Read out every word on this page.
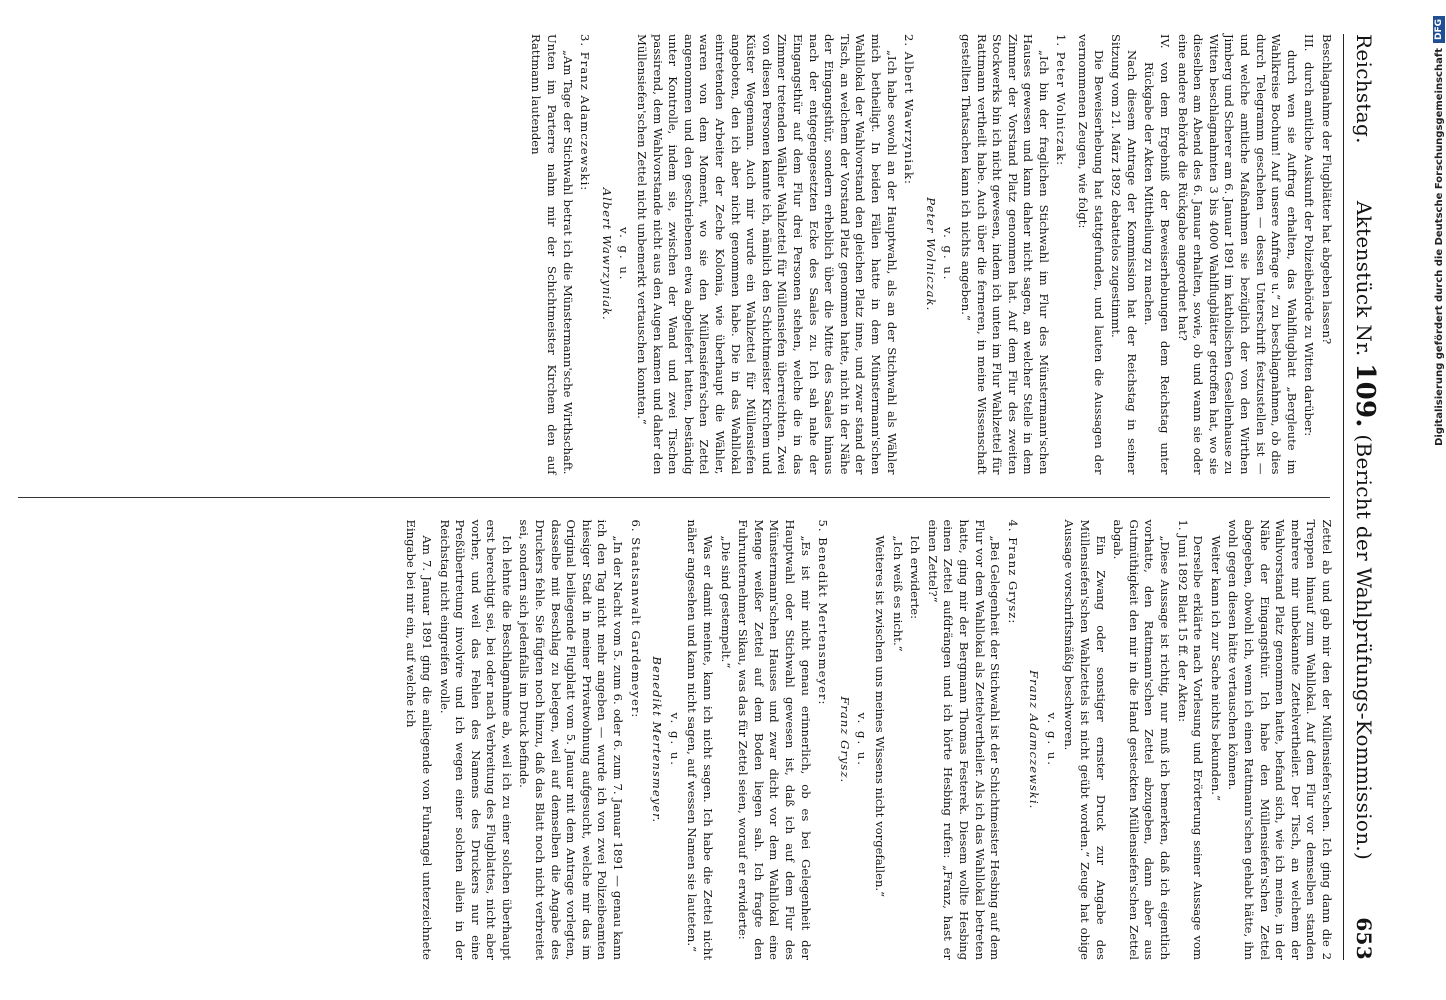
Reichstag.
Aktenstück Nr. 109. (Bericht der Wahlprüfungs-Kommission.)
653

Beschlagnahme der Flugblätter hat abgeben lassen?

III.
durch amtliche Auskunft der Polizeibehörde zu Witten darüber:

durch wen sie Auftrag erhalten, das Wahlflugblatt „Bergleute im Wahlkreise Bochum! Auf unsere Anfrage u.“ zu beschlagnahmen, ob dies durch Telegramm geschehen — dessen Unterschrift festzustellen ist — und welche amtliche Maßnahmen sie bezüglich der von den Wirthen Jimberg und Scherer am 6. Januar 1891 im katholischen Gesellenhause zu Witten beschlagnahmten 3 bis 4000 Wahlflugblätter getroffen hat, wo sie dieselben am Abend des 6. Januar erhalten, sowie, ob und wann sie oder eine andere Behörde die Rückgabe angeordnet hat?

IV.
von dem Ergebniß der Beweiserhebungen dem Reichstag unter Rückgabe der Akten Mittheilung zu machen.

Nach diesem Antrage der Kommission hat der Reichstag in seiner Sitzung vom 21. März 1892 debattelos zugestimmt.

Die Beweiserhebung hat stattgefunden, und lauten die Aussagen der vernommenen Zeugen, wie folgt:

1. Peter Wolniczak:

„Ich bin der fraglichen Stichwahl im Flur des Münstermann'schen Hauses gewesen und kann daher nicht sagen, an welcher Stelle in dem Zimmer der Vorstand Platz genommen hat. Auf dem Flur des zweiten Stockwerks bin ich nicht gewesen, indem ich unten im Flur Wahlzettel für Rattmann vertheilt habe. Auch über die ferneren, in meine Wissenschaft gestellten Thatsachen kann ich nichts angeben.“

v. g. u.

Peter Wolniczak.

2. Albert Wawrzyniak:

„Ich habe sowohl an der Hauptwahl, als an der Stichwahl als Wähler mich betheiligt. In beiden Fällen hatte in dem Münstermann'schen Wahllokal der Wahlvorstand den gleichen Platz inne, und zwar stand der Tisch, an welchem der Vorstand Platz genommen hatte, nicht in der Nähe der Eingangsthür, sondern erheblich über die Mitte des Saales hinaus nach der entgegengesetzten Ecke des Saales zu. Ich sah nahe der Eingangsthür auf dem Flur drei Personen stehen, welche die in das Zimmer tretenden Wähler Wahlzettel für Müllensiefen überreichten. Zwei von diesen Personen kannte ich, nämlich den Schichtmeister Kirchem und Küster Wegemann. Auch mir wurde ein Wahlzettel für Müllensiefen angeboten, den ich aber nicht genommen habe. Die in das Wahllokal eintretenden Arbeiter der Zeche Kolonia, wie überhaupt die Wähler, waren von dem Moment, wo sie den Müllensiefen'schen Zettel angenommen und den geschriebenen etwa abgeliefert hatten, beständig unter Kontrolle, indem sie, zwischen der Wand und zwei Tischen passirend, dem Wahlvorstande nicht aus den Augen kamen und daher den Müllensiefen'schen Zettel nicht unbemerkt vertauschen konnten.“

v. g. u.

Albert Wawrzyniak.

3. Franz Adamczewski:

„Am Tage der Stichwahl betrat ich die Münstermann'sche Wirthschaft. Unten im Parterre nahm mir der Schichtmeister Kirchem den auf Rattmann lautenden

Zettel ab und gab mir den der Müllensiefen'schen. Ich ging dann die 2 Treppen hinauf zum Wahllokal. Auf dem Flur vor demselben standen mehrere mir unbekannte Zettelvertheiler. Der Tisch, an welchem der Wahlvorstand Platz genommen hatte, befand sich, wie ich meine, in der Nähe der Eingangsthür. Ich habe den Müllensiefen'schen Zettel abgegeben, obwohl ich, wenn ich einen Rattmann'schen gehabt hätte, ihn wohl gegen diesen hätte vertauschen können.

Weiter kann ich zur Sache nichts bekunden.“

Derselbe erklärte nach Vorlesung und Erörterung seiner Aussage vom 1. Juni 1892 Blatt 15 ff. der Akten:

„Diese Aussage ist richtig, nur muß ich bemerken, daß ich eigentlich vorhatte, den Rattmann'schen Zettel abzugeben, dann aber aus Gutmüthigkeit den mir in die Hand gesteckten Müllensiefen'schen Zettel abgab.

Ein Zwang oder sonstiger ernster Druck zur Angabe des Müllensiefen'schen Wahlzettels ist nicht geübt worden.“ Zeuge hat obige Aussage vorschriftsmäßig beschworen.

v. g. u.

Franz Adamczewski.

4. Franz Grysz:

„Bei Gelegenheit der Stichwahl ist der Schichtmeister Hesbing auf dem Flur vor dem Wahllokal als Zettelvertheiler. Als ich das Wahllokal betreten hatte, ging mir der Bergmann Thomas Festerek. Diesem wollte Hesbing einen Zettel aufdrängen und ich hörte Hesbing rufen: „Franz, hast er einen Zettel?“

Ich erwiderte:

„Ich weiß es nicht.“

Weiteres ist zwischen uns meines Wissens nicht vorgefallen.“

v. g. u.

Franz Grysz.

5. Benedikt Mertensmeyer:

„Es ist mir nicht genau erinnerlich, ob es bei Gelegenheit der Hauptwahl oder Stichwahl gewesen ist, daß ich auf dem Flur des Münstermann'schen Hauses und zwar dicht vor dem Wahllokal eine Menge weißer Zettel auf dem Boden liegen sah. Ich fragte den Fuhrunternehmer Sikau, was das für Zettel seien, worauf er erwiderte:

„Die sind gestempelt.“

Was er damit meinte, kann ich nicht sagen. Ich habe die Zettel nicht näher angesehen und kann nicht sagen, auf wessen Namen sie lauteten.“

v. g. u.

Benedikt Mertensmeyer.

6. Staatsanwalt Gardemeyer:

„In der Nacht vom 5. zum 6. oder 6. zum 7. Januar 1891 — genau kann ich den Tag nicht mehr angeben — wurde ich von zwei Polizeibeamten hiesiger Stadt in meiner Privatwohnung aufgesucht, welche mir das im Original beiliegende Flugblatt vom 5. Januar mit dem Antrage vorlegten, dasselbe mit Beschlag zu belegen, weil auf demselben die Angabe des Druckers fehle. Sie fügten noch hinzu, daß das Blatt noch nicht verbreitet sei, sondern sich jedenfalls im Druck befinde.

Ich lehnte die Beschlagnahme ab, weil ich zu einer solchen überhaupt erst berechtigt sei, bei oder nach Verbreitung des Flugblattes, nicht aber vorher, und weil das Fehlen des Namens des Druckers nur eine Preßübertretung involvire und ich wegen einer solchen allein in der Reichstag nicht eingreifen wolle.

Am 7. Januar 1891 ging die anliegende von Fuhrangel unterzeichnete Eingabe bei mir ein, auf welche ich

Digitalisierung gefördert durch die Deutsche Forschungsgemeinschaft
DFG
